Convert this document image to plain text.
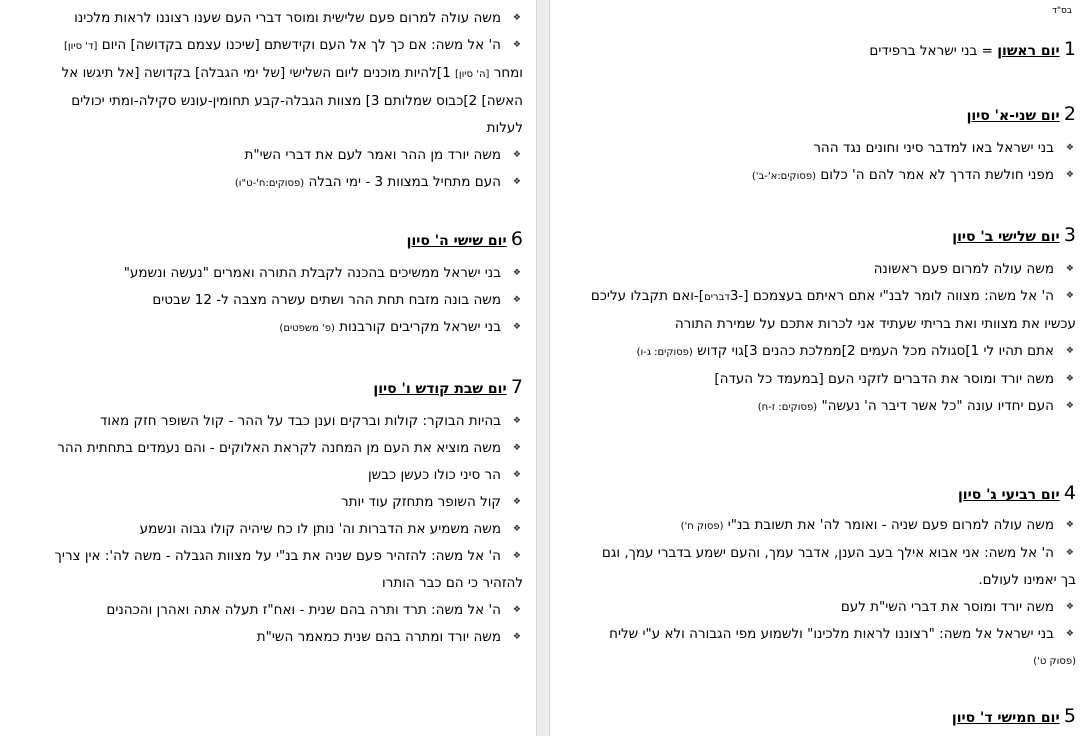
בס"ד
❖ משה עולה למרום פעם שלישית ומוסר דברי העם שענו רצוננו לראות מלכינו
❖ ה' אל משה: אם כך לך אל העם וקידשתם [שיכנו עצמם בקדושה] היום [ד' סיון]
ומחר [ה' סיון] 1]להיות מוכנים ליום השלישי [של ימי הגבלה] בקדושה [אל תיגשו אל
האשה] 2]כבוס שמלותם 3] מצוות הגבלה-קבע תחומין-עונש סקילה-ומתי יכולים
לעלות
❖ משה יורד מן ההר ואמר לעם את דברי השי"ת
❖ העם מתחיל במצוות 3 - ימי הבלה (פסוקים:ח'-ט"ו)
6 יום שישי ה' סיון
❖ בני ישראל ממשיכים בהכנה לקבלת התורה ואמרים "נעשה ונשמע"
❖ משה בונה מזבח תחת ההר ושתים עשרה מצבה ל- 12 שבטים
❖ בני ישראל מקריבים קורבנות (פ' משפטים)
7 יום שבת קודש ו' סיון
❖ בהיות הבוקר: קולות וברקים וענן כבד על ההר - קול השופר חזק מאוד
❖ משה מוציא את העם מן המחנה לקראת האלוקים - והם נעמדים בתחתית ההר
❖ הר סיני כולו כעשן כבשן
❖ קול השופר מתחזק עוד יותר
❖ משה משמיע את הדברות וה' נותן לו כח שיהיה קולו גבוה ונשמע
❖ ה' אל משה: להזהיר פעם שניה את בנ"י על מצוות הגבלה - משה לה': אין צריך
להזהיר כי הם כבר הותרו
❖ ה' אל משה: תרד ותרה בהם שנית - ואח"ז תעלה אתה ואהרן והכהנים
❖ משה יורד ומתרה בהם שנית כמאמר השי"ת
1 יום ראשון = בני ישראל ברפידים
2 יום שני-א' סיון
❖ בני ישראל באו למדבר סיני וחונים נגד ההר
❖ מפני חולשת הדרך לא אמר להם ה' כלום (פסוקים:א'-ב')
3 יום שלישי ב' סיון
❖ משה עולה למרום פעם ראשונה
❖ ה' אל משה: מצווה לומר לבנ"י אתם ראיתם בעצמכם [-3דברים]-ואם תקבלו עליכם
עכשיו את מצוותי ואת בריתי שעתיד אני לכרות אתכם על שמירת התורה
❖ אתם תהיו לי 1]סגולה מכל העמים 2]ממלכת כהנים 3]גוי קדוש (פסוקים: ג-ו)
❖ משה יורד ומוסר את הדברים לזקני העם [במעמד כל העדה]
❖ העם יחדיו עונה "כל אשר דיבר ה' נעשה" (פסוקים: ז-ח)
4 יום רביעי ג' סיון
❖ משה עולה למרום פעם שניה - ואומר לה' את תשובת בנ"י (פסוק ח')
❖ ה' אל משה: אני אבוא אילך בעב הענן, אדבר עמך, והעם ישמע בדברי עמך, וגם
בך יאמינו לעולם.
❖ משה יורד ומוסר את דברי השי"ת לעם
❖ בני ישראל אל משה: "רצוננו לראות מלכינו" ולשמוע מפי הגבורה ולא ע"י שליח
(פסוק ט')
5 יום חמישי ד' סיון
